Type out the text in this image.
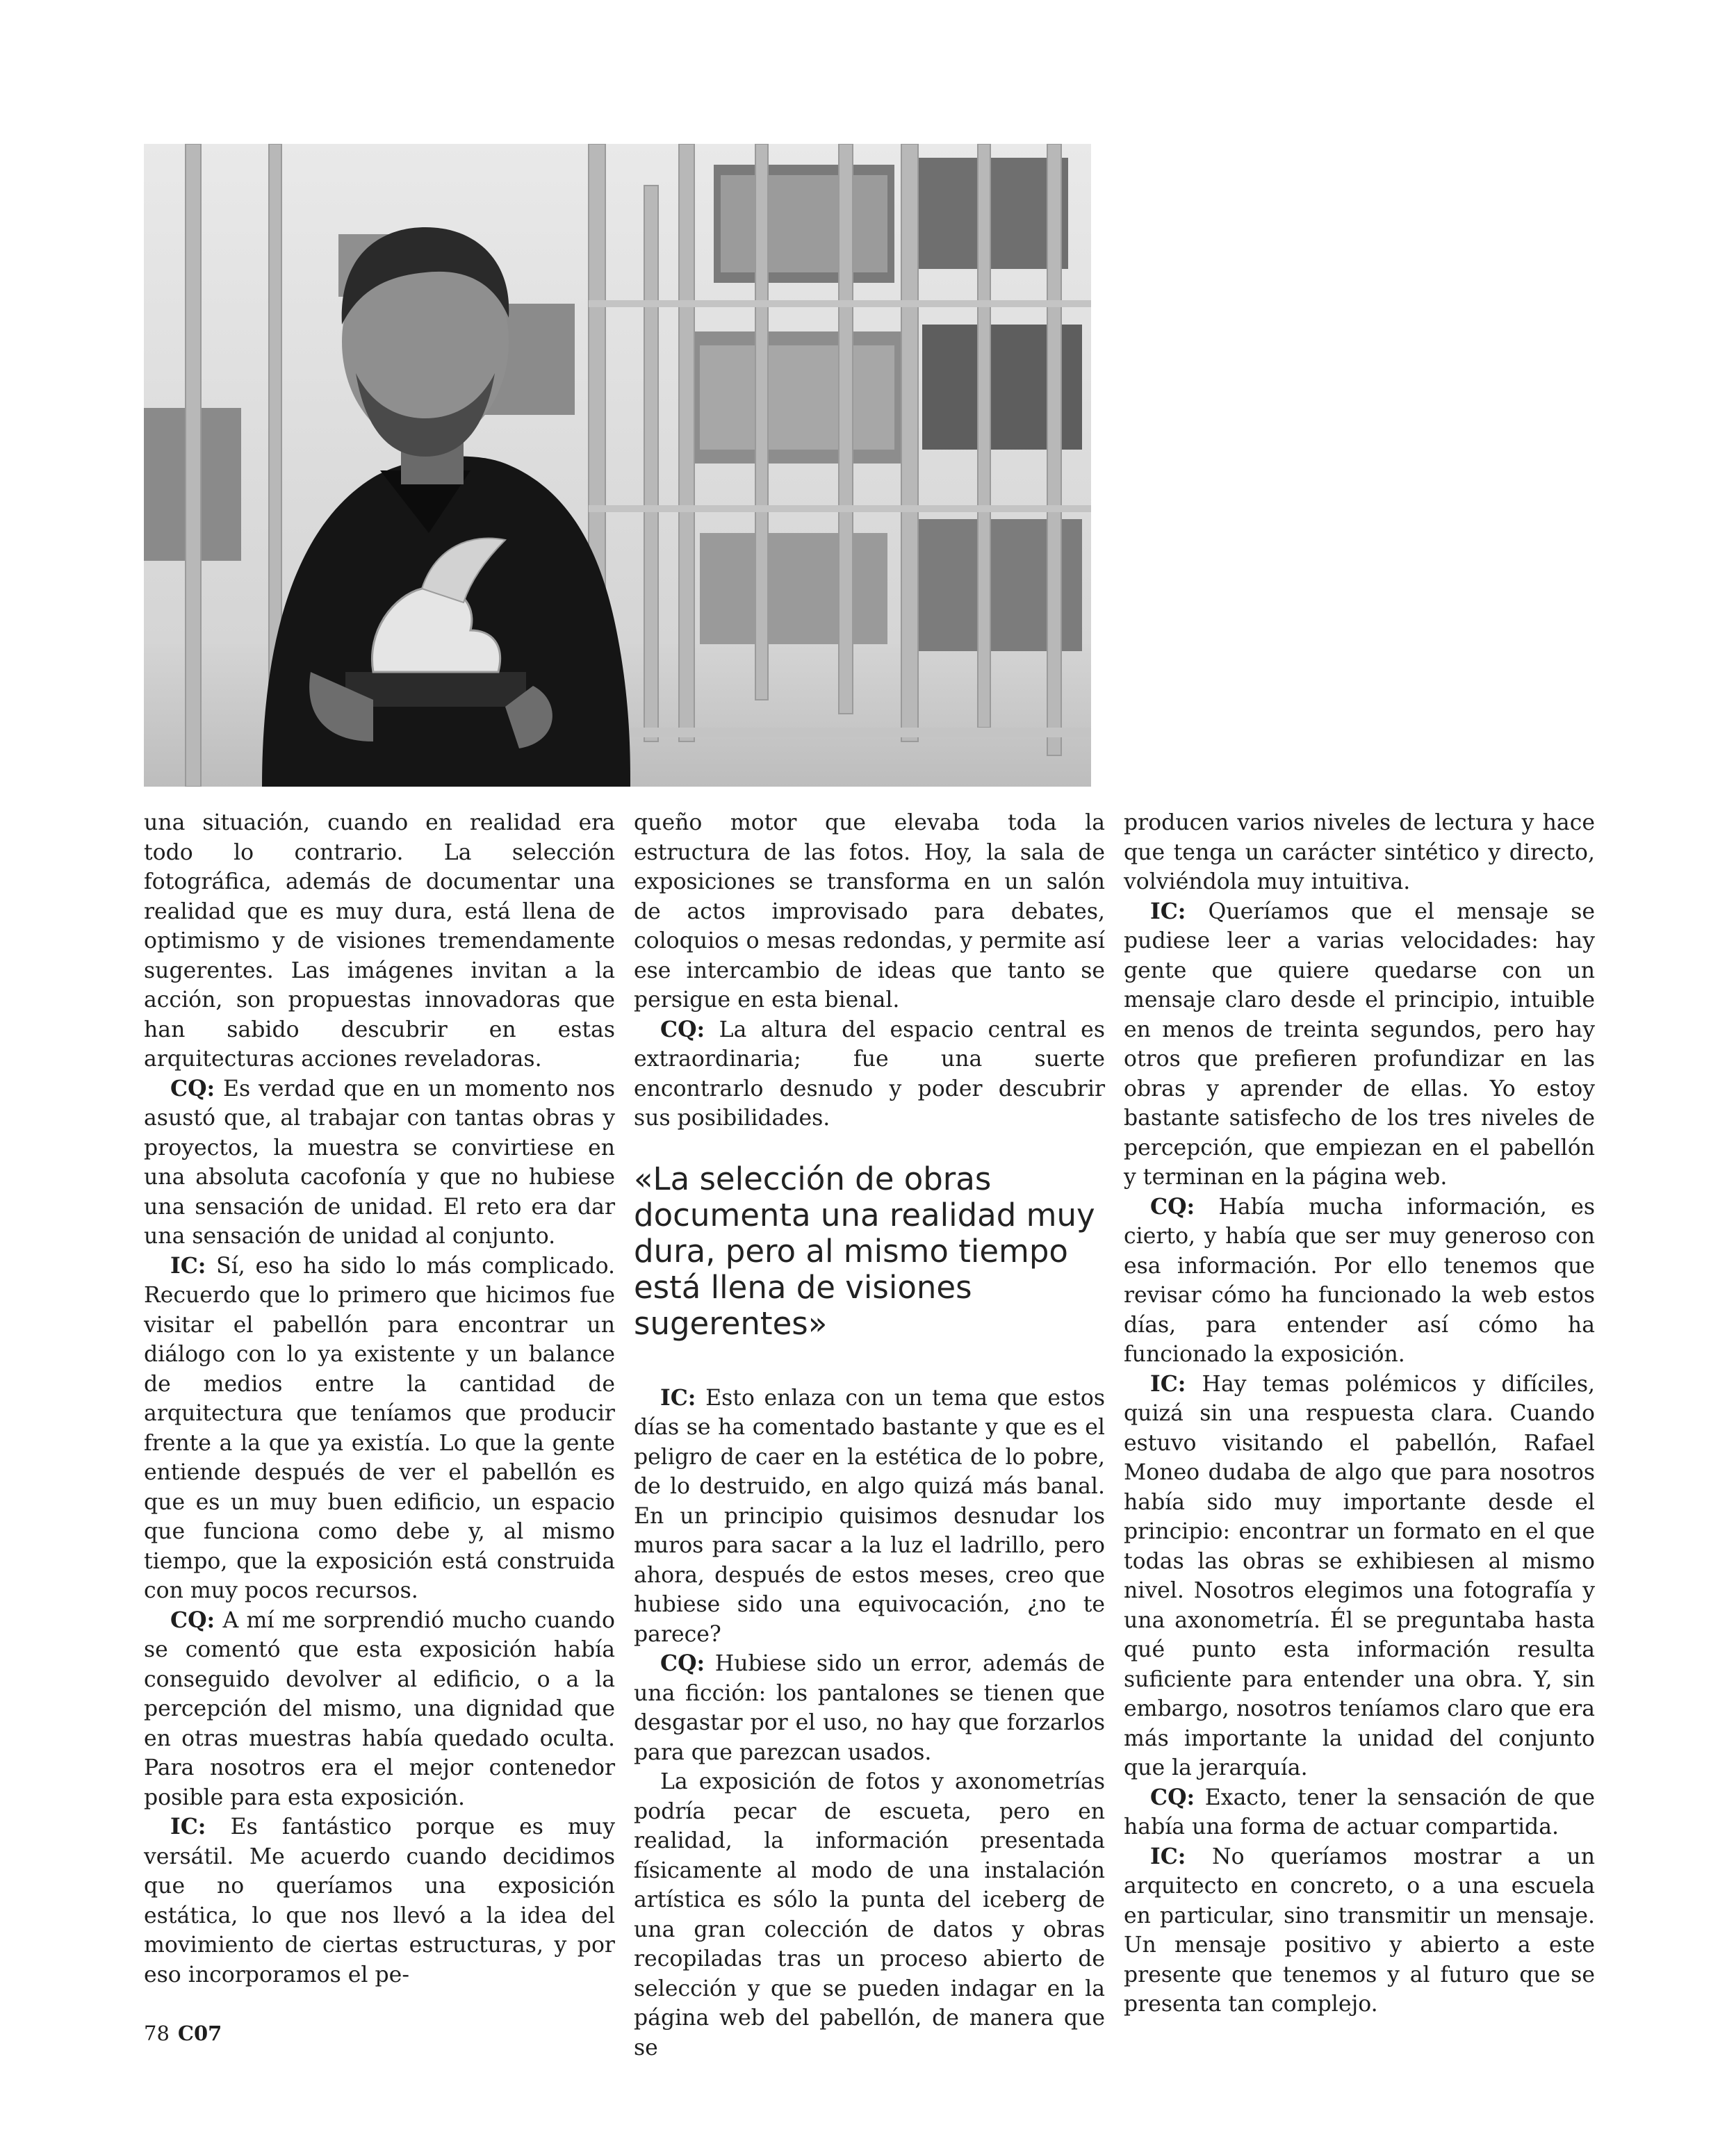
una situación, cuando en realidad era todo lo contrario. La selección fotográfica, además de documentar una realidad que es muy dura, está llena de optimismo y de visiones tremendamente sugerentes. Las imágenes invitan a la acción, son propuestas innovadoras que han sabido descubrir en estas arquitecturas acciones reveladoras.

CQ: Es verdad que en un momento nos asustó que, al trabajar con tantas obras y proyectos, la muestra se convirtiese en una absoluta cacofonía y que no hubiese una sensación de unidad. El reto era dar una sensación de unidad al conjunto.

IC: Sí, eso ha sido lo más complicado. Recuerdo que lo primero que hicimos fue visitar el pabellón para encontrar un diálogo con lo ya existente y un balance de medios entre la cantidad de arquitectura que teníamos que producir frente a la que ya existía. Lo que la gente entiende después de ver el pabellón es que es un muy buen edificio, un espacio que funciona como debe y, al mismo tiempo, que la exposición está construida con muy pocos recursos.

CQ: A mí me sorprendió mucho cuando se comentó que esta exposición había conseguido devolver al edificio, o a la percepción del mismo, una dignidad que en otras muestras había quedado oculta. Para nosotros era el mejor contenedor posible para esta exposición.

IC: Es fantástico porque es muy versátil. Me acuerdo cuando decidimos que no queríamos una exposición estática, lo que nos llevó a la idea del movimiento de ciertas estructuras, y por eso incorporamos el pe-

queño motor que elevaba toda la estructura de las fotos. Hoy, la sala de exposiciones se transforma en un salón de actos improvisado para debates, coloquios o mesas redondas, y permite así ese intercambio de ideas que tanto se persigue en esta bienal.

CQ: La altura del espacio central es extraordinaria; fue una suerte encontrarlo desnudo y poder descubrir sus posibilidades.

«La selección de obras documenta una realidad muy dura, pero al mismo tiempo está llena de visiones sugerentes»

IC: Esto enlaza con un tema que estos días se ha comentado bastante y que es el peligro de caer en la estética de lo pobre, de lo destruido, en algo quizá más banal. En un principio quisimos desnudar los muros para sacar a la luz el ladrillo, pero ahora, después de estos meses, creo que hubiese sido una equivocación, ¿no te parece?

CQ: Hubiese sido un error, además de una ficción: los pantalones se tienen que desgastar por el uso, no hay que forzarlos para que parezcan usados.

La exposición de fotos y axonometrías podría pecar de escueta, pero en realidad, la información presentada físicamente al modo de una instalación artística es sólo la punta del iceberg de una gran colección de datos y obras recopiladas tras un proceso abierto de selección y que se pueden indagar en la página web del pabellón, de manera que se

producen varios niveles de lectura y hace que tenga un carácter sintético y directo, volviéndola muy intuitiva.

IC: Queríamos que el mensaje se pudiese leer a varias velocidades: hay gente que quiere quedarse con un mensaje claro desde el principio, intuible en menos de treinta segundos, pero hay otros que prefieren profundizar en las obras y aprender de ellas. Yo estoy bastante satisfecho de los tres niveles de percepción, que empiezan en el pabellón y terminan en la página web.

CQ: Había mucha información, es cierto, y había que ser muy generoso con esa información. Por ello tenemos que revisar cómo ha funcionado la web estos días, para entender así cómo ha funcionado la exposición.

IC: Hay temas polémicos y difíciles, quizá sin una respuesta clara. Cuando estuvo visitando el pabellón, Rafael Moneo dudaba de algo que para nosotros había sido muy importante desde el principio: encontrar un formato en el que todas las obras se exhibiesen al mismo nivel. Nosotros elegimos una fotografía y una axonometría. Él se preguntaba hasta qué punto esta información resulta suficiente para entender una obra. Y, sin embargo, nosotros teníamos claro que era más importante la unidad del conjunto que la jerarquía.

CQ: Exacto, tener la sensación de que había una forma de actuar compartida.

IC: No queríamos mostrar a un arquitecto en concreto, o a una escuela en particular, sino transmitir un mensaje. Un mensaje positivo y abierto a este presente que tenemos y al futuro que se presenta tan complejo.

78 C07
